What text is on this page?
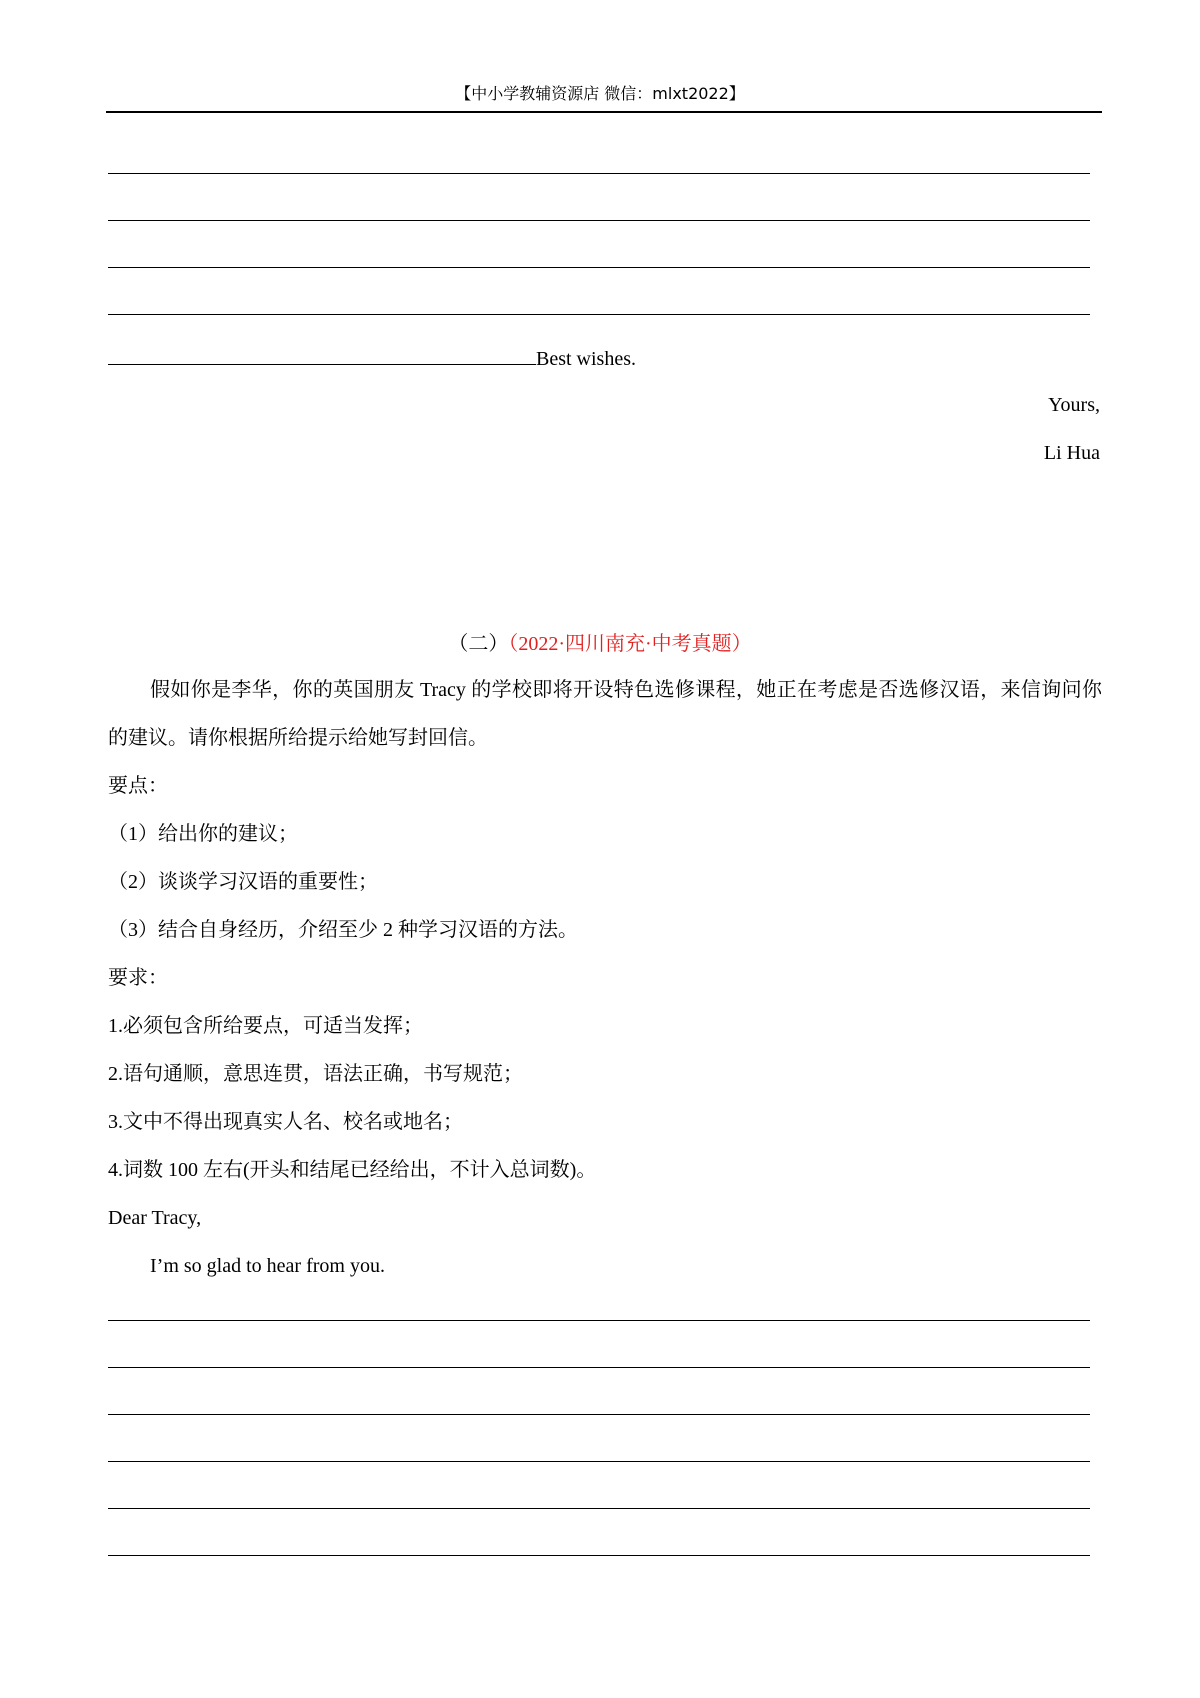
【中小学教辅资源店 微信：mlxt2022】
Best wishes.
Yours,
Li Hua
（二）（2022·四川南充·中考真题）
假如你是李华，你的英国朋友 Tracy 的学校即将开设特色选修课程，她正在考虑是否选修汉语，来信询问你的建议。请你根据所给提示给她写封回信。
要点：
（1）给出你的建议；
（2）谈谈学习汉语的重要性；
（3）结合自身经历，介绍至少 2 种学习汉语的方法。
要求：
1.必须包含所给要点，可适当发挥；
2.语句通顺，意思连贯，语法正确，书写规范；
3.文中不得出现真实人名、校名或地名；
4.词数 100 左右(开头和结尾已经给出，不计入总词数)。
Dear Tracy,
I’m so glad to hear from you.
